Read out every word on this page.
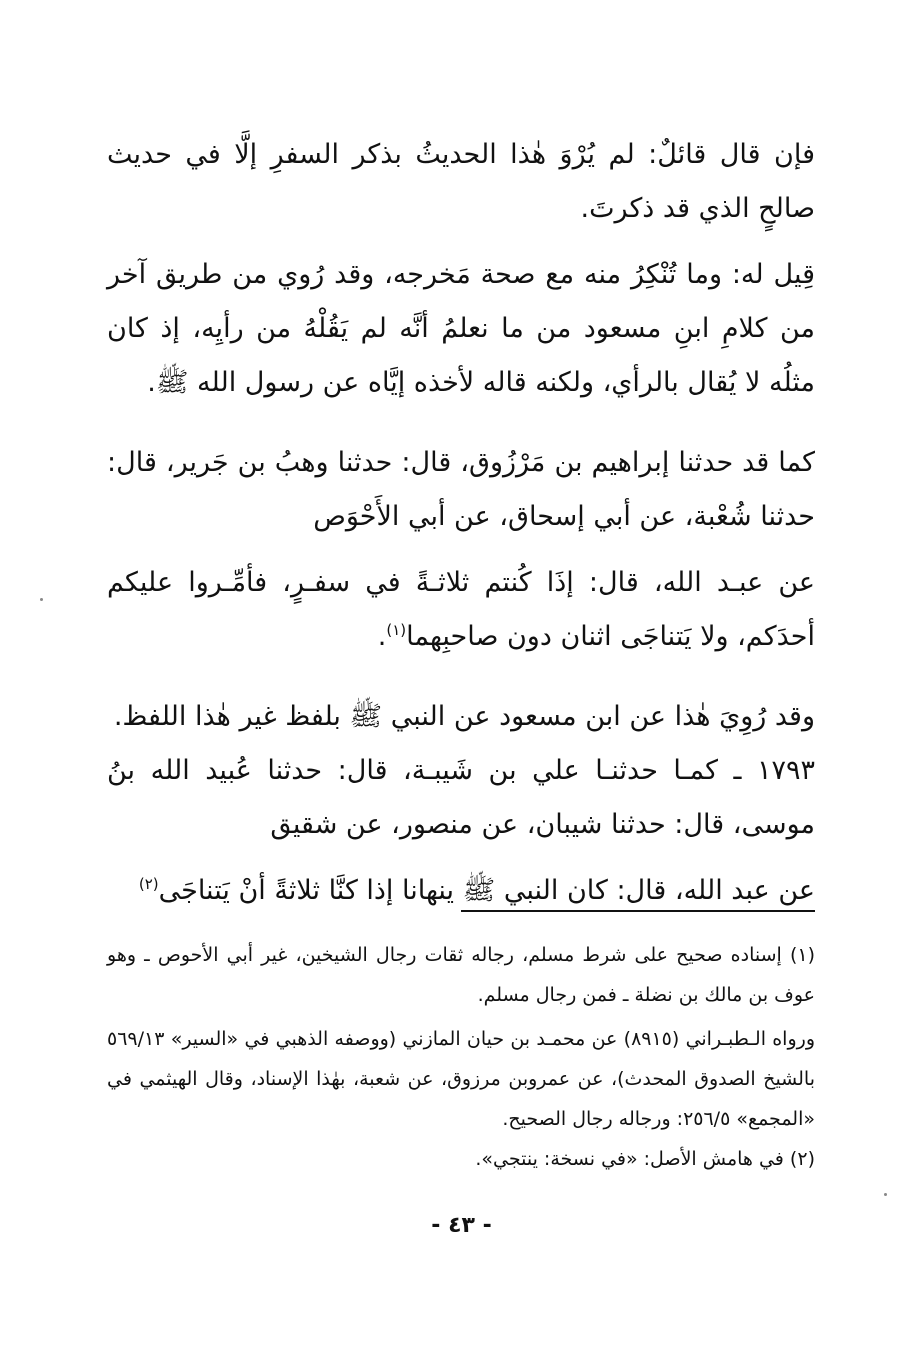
فإن قال قائلٌ: لم يُرْوَ هٰذا الحديثُ بذكر السفرِ إلَّا في حديث صالحٍ الذي قد ذكرتَ.

قِيل له: وما تُنْكِرُ منه مع صحة مَخرجه، وقد رُوي من طريق آخر من كلامِ ابنِ مسعود من ما نعلمُ أنَّه لم يَقُلْهُ من رأيِه، إذ كان مثلُه لا يُقال بالرأي، ولكنه قاله لأخذه إيَّاه عن رسول الله ﷺ.

كما قد حدثنا إبراهيم بن مَرْزُوق، قال: حدثنا وهبُ بن جَرير، قال: حدثنا شُعْبة، عن أبي إسحاق، عن أبي الأَحْوَص

عن عبـد الله، قال: إذَا كُنتم ثلاثـةً في سفـرٍ، فأمِّـروا عليكم أحدَكم، ولا يَتناجَى اثنان دون صاحبِهما$^{(١)}$.

وقد رُوِيَ هٰذا عن ابن مسعود عن النبي ﷺ بلفظ غير هٰذا اللفظ.

١٧٩٣ ـ كمـا حدثنـا علي بن شَيبـة، قال: حدثنا عُبيد الله بنُ موسى، قال: حدثنا شيبان، عن منصور، عن شقيق

عن عبد الله، قال: كان النبي ﷺ ينهانا إذا كنَّا ثلاثةً أنْ يَتناجَى$^{(٢)}$

(١) إسناده صحيح على شرط مسلم، رجاله ثقات رجال الشيخين، غير أبي الأحوص ـ وهو عوف بن مالك بن نضلة ـ فمن رجال مسلم.

ورواه الـطبـراني (٨٩١٥) عن محمـد بن حيان المازني (ووصفه الذهبي في «السير» ٥٦٩/١٣ بالشيخ الصدوق المحدث)، عن عمروبن مرزوق، عن شعبة، بهٰذا الإسناد، وقال الهيثمي في «المجمع» ٢٥٦/٥: ورجاله رجال الصحيح.

(٢) في هامش الأصل: «في نسخة: ينتجي».

- ٤٣ -
